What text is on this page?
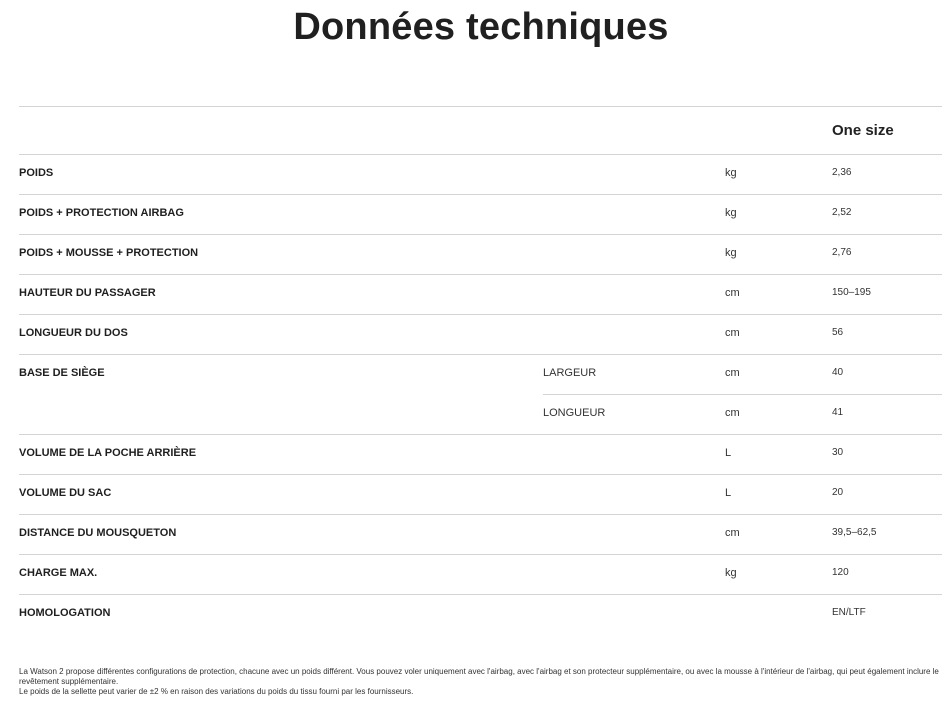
Données techniques
			One size
POIDS		kg	2,36
POIDS + PROTECTION AIRBAG		kg	2,52
POIDS + MOUSSE + PROTECTION		kg	2,76
HAUTEUR DU PASSAGER		cm	150–195
LONGUEUR DU DOS		cm	56
BASE DE SIÈGE	LARGEUR	cm	40
	LONGUEUR	cm	41
VOLUME DE LA POCHE ARRIÈRE		L	30
VOLUME DU SAC		L	20
DISTANCE DU MOUSQUETON		cm	39,5–62,5
CHARGE MAX.		kg	120
HOMOLOGATION			EN/LTF

La Watson 2 propose différentes configurations de protection, chacune avec un poids différent. Vous pouvez voler uniquement avec l'airbag, avec l'airbag et son protecteur supplémentaire, ou avec la mousse à l'intérieur de l'airbag, qui peut également inclure le revêtement supplémentaire.

Le poids de la sellette peut varier de ±2 % en raison des variations du poids du tissu fourni par les fournisseurs.
